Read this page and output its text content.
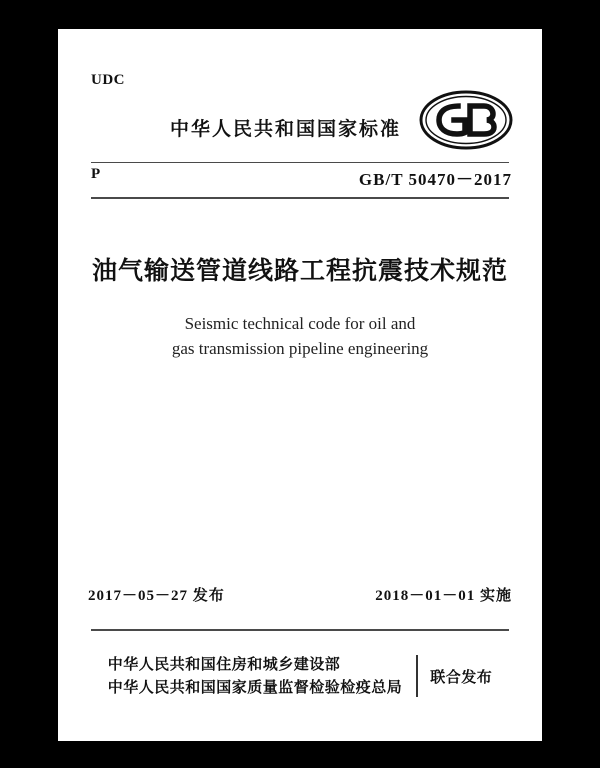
UDC
中华人民共和国国家标准
P	GB/T 50470－2017
油气输送管道线路工程抗震技术规范
Seismic technical code for oil and
gas transmission pipeline engineering
2017－05－27 发布	2018－01－01 实施
中华人民共和国住房和城乡建设部
中华人民共和国国家质量监督检验检疫总局
联合发布
